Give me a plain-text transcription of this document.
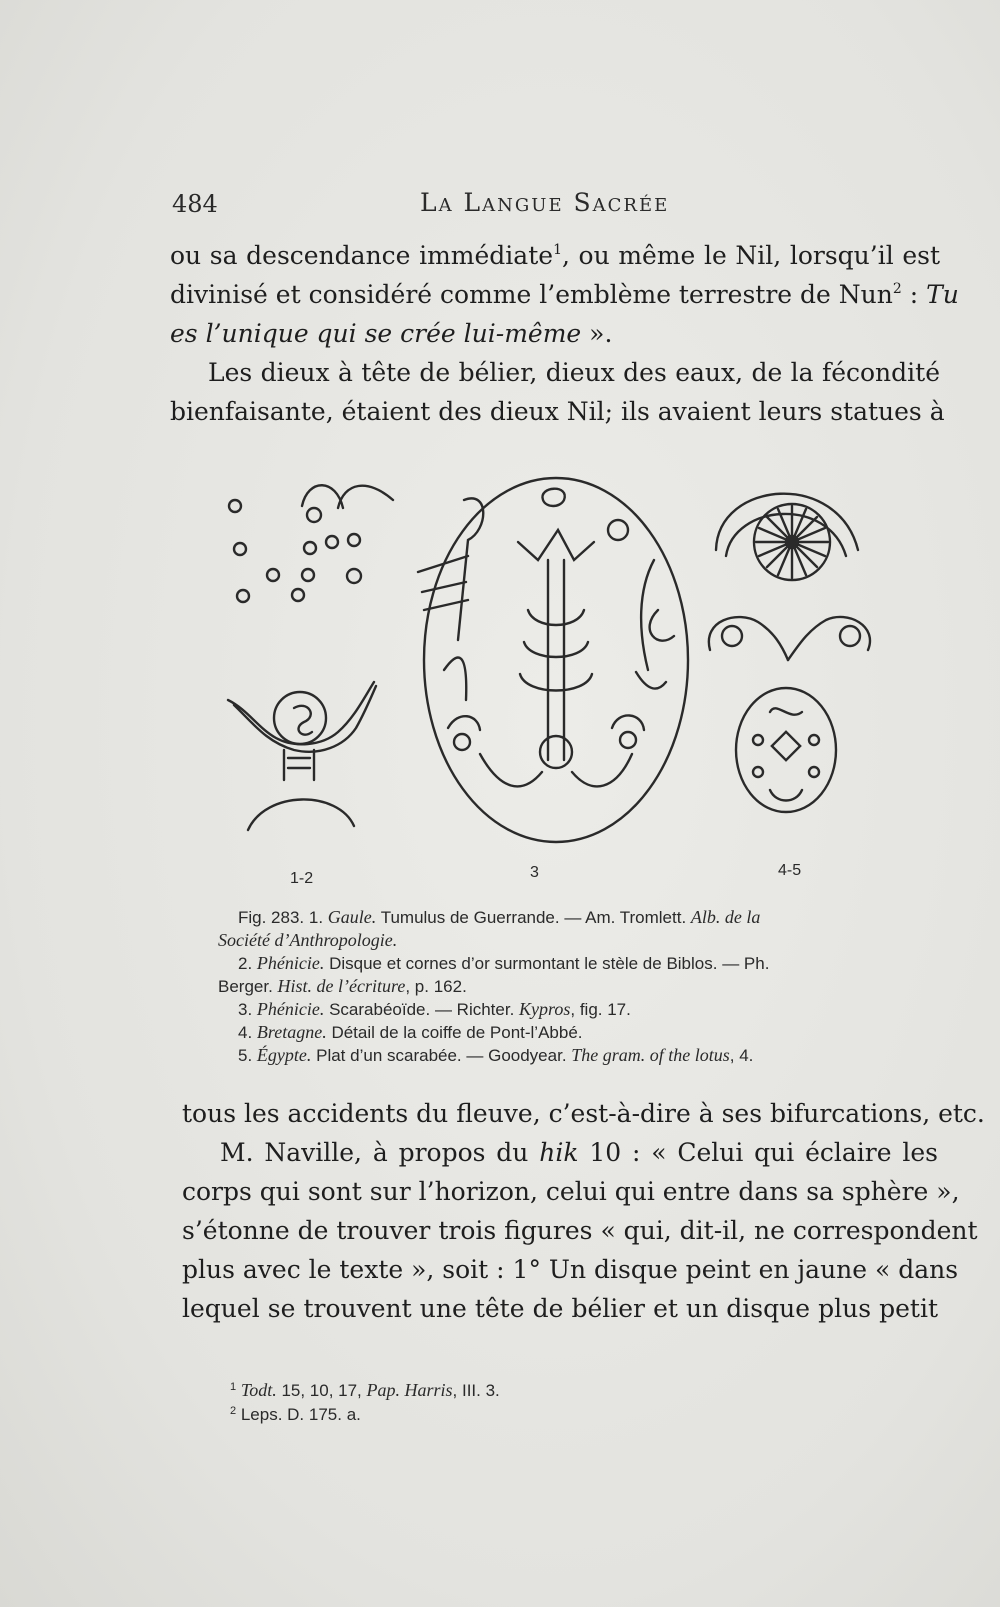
484	La Langue Sacrée
ou sa descendance immédiate$^1$, ou même le Nil, lorsqu’il est
divinisé et considéré comme l’emblème terrestre de Nun$^2$ : Tu
es l’unique qui se crée lui-même ».
Les dieux à tête de bélier, dieux des eaux, de la fécondité
bienfaisante, étaient des dieux Nil; ils avaient leurs statues à
1-2	3	4-5
Fig. 283. 1. Gaule. Tumulus de Guerrande. — Am. Tromlett. Alb. de la
Société d’Anthropologie.
2. Phénicie. Disque et cornes d’or surmontant le stèle de Biblos. — Ph.
Berger. Hist. de l’écriture, p. 162.
3. Phénicie. Scarabéoïde. — Richter. Kypros, fig. 17.
4. Bretagne. Détail de la coiffe de Pont-l’Abbé.
5. Égypte. Plat d’un scarabée. — Goodyear. The gram. of the lotus, 4.
tous les accidents du fleuve, c’est-à-dire à ses bifurcations, etc.
M. Naville, à propos du hik 10 : « Celui qui éclaire les
corps qui sont sur l’horizon, celui qui entre dans sa sphère »,
s’étonne de trouver trois figures « qui, dit-il, ne correspondent
plus avec le texte », soit : 1° Un disque peint en jaune « dans
lequel se trouvent une tête de bélier et un disque plus petit
$^1$ Todt. 15, 10, 17, Pap. Harris, III. 3.
$^2$ Leps. D. 175. a.
